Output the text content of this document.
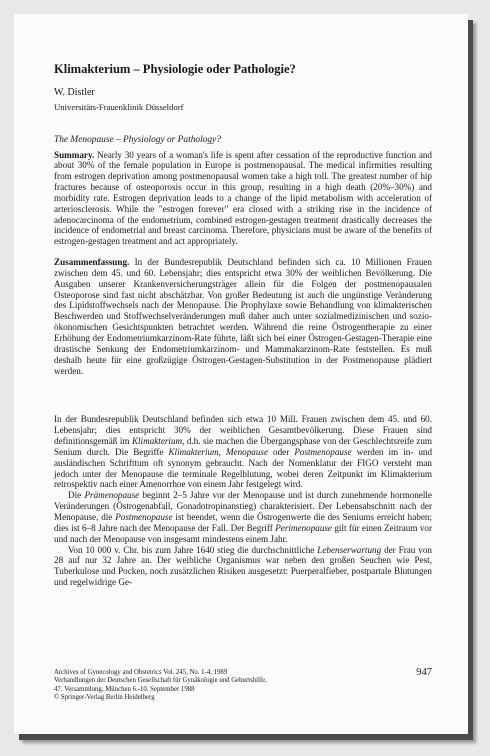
Klimakterium – Physiologie oder Pathologie?
W. Distler
Universitäts-Frauenklinik Düsseldorf
The Menopause – Physiology or Pathology?

Summary. Nearly 30 years of a woman's life is spent after cessation of the reproductive function and about 30% of the female population in Europe is postmenopausal. The medical infirmities resulting from estrogen deprivation among postmenopausal women take a high toll. The greatest number of hip fractures because of osteoporosis occur in this group, resulting in a high death (20%–30%) and morbidity rate. Estrogen deprivation leads to a change of the lipid metabolism with acceleration of arteriosclerosis. While the "estrogen forever" era closed with a striking rise in the incidence of adenocarcinoma of the endometrium, combined estrogen-gestagen treatment drastically decreases the incidence of endometrial and breast carcinoma. Therefore, physicians must be aware of the benefits of estrogen-gestagen treatment and act appropriately.

Zusammenfassung. In der Bundesrepublik Deutschland befinden sich ca. 10 Millionen Frauen zwischen dem 45. und 60. Lebensjahr; dies entspricht etwa 30% der weiblichen Bevölkerung. Die Ausgaben unserer Krankenversicherungsträger allein für die Folgen der postmenopausalen Osteoporose sind fast nicht abschätzbar. Von großer Bedeutung ist auch die ungünstige Veränderung des Lipidstoffwechsels nach der Menopause. Die Prophylaxe sowie Behandlung von klimakterischen Beschwerden und Stoffwechselveränderungen muß daher auch unter sozialmedizinischen und sozio-ökonomischen Gesichtspunkten betrachtet werden. Während die reine Östrogentherapie zu einer Erhöhung der Endometriumkarzinom-Rate führte, läßt sich bei einer Östrogen-Gestagen-Therapie eine drastische Senkung der Endometriumkarzinom- und Mammakarzinom-Rate feststellen. Es muß deshalb heute für eine großzügige Östrogen-Gestagen-Substitution in der Postmenopause plädiert werden.

In der Bundesrepublik Deutschland befinden sich etwa 10 Mill. Frauen zwischen dem 45. und 60. Lebensjahr; dies entspricht 30% der weiblichen Gesamtbevölkerung. Diese Frauen sind definitionsgemäß im Klimakterium, d.h. sie machen die Übergangsphase von der Geschlechtsreife zum Senium durch. Die Begriffe Klimakterium, Menopause oder Postmenopause werden im in- und ausländischen Schrifttum oft synonym gebraucht. Nach der Nomenklatur der FIGO versteht man jedoch unter der Menopause die terminale Regelblutung, wobei deren Zeitpunkt im Klimakterium retrospektiv nach einer Amenorrhoe von einem Jahr festgelegt wird.

Die Prämenopause beginnt 2–5 Jahre vor der Menopause und ist durch zunehmende hormonelle Veränderungen (Östrogenabfall, Gonadotropinanstieg) charakterisiert. Der Lebensabschnitt nach der Menopause, die Postmenopause ist beendet, wenn die Östrogenwerte die des Seniums erreicht haben; dies ist 6–8 Jahre nach der Menopause der Fall. Der Begriff Perimenopause gilt für einen Zeitraum vor und nach der Menopause von insgesamt mindestens einem Jahr.

Von 10 000 v. Chr. bis zum Jahre 1640 stieg die durchschnittliche Lebenserwartung der Frau von 28 auf nur 32 Jahre an. Der weibliche Organismus war neben den großen Seuchen wie Pest, Tuberkulose und Pocken, noch zusätzlichen Risiken ausgesetzt: Puerperalfieber, postpartale Blutungen und regelwidrige Ge-

Archives of Gynecology and Obstetrics Vol. 245, No. 1-4, 1989
Verhandlungen der Deutschen Gesellschaft für Gynäkologie und Geburtshilfe,
47. Versammlung, München 6.-10. September 1988
© Springer-Verlag Berlin Heidelberg
947
